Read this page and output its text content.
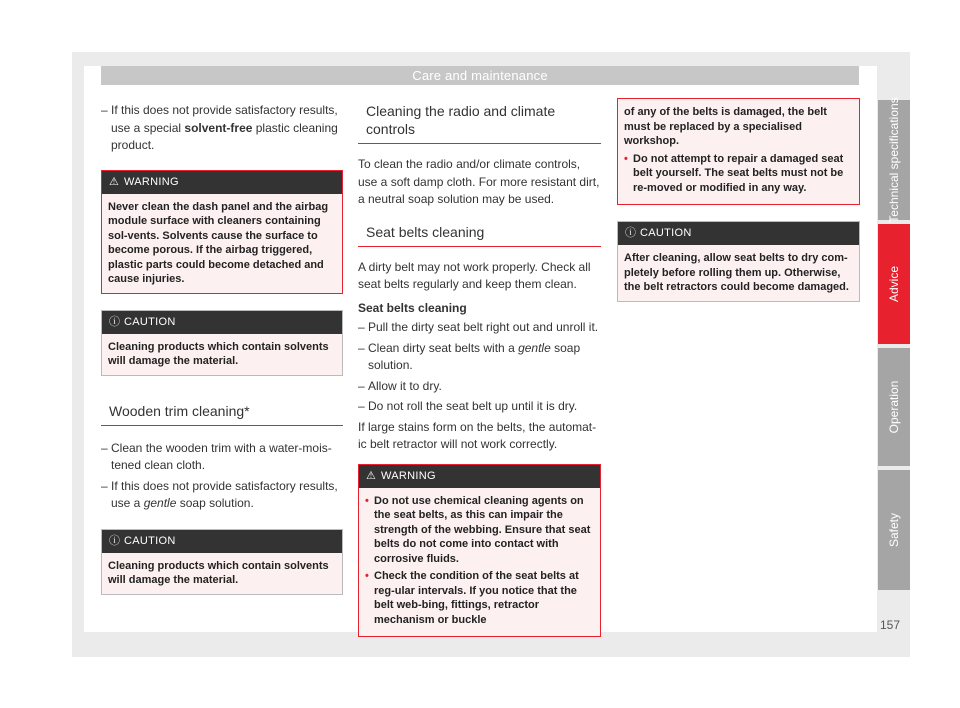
Care and maintenance
– If this does not provide satisfactory results, use a special solvent-free plastic cleaning product.
⚠ WARNING
Never clean the dash panel and the airbag module surface with cleaners containing sol-vents. Solvents cause the surface to become porous. If the airbag triggered, plastic parts could become detached and cause injuries.
ⓘ CAUTION
Cleaning products which contain solvents will damage the material.
Wooden trim cleaning*
– Clean the wooden trim with a water-mois-tened clean cloth.
– If this does not provide satisfactory results, use a gentle soap solution.
ⓘ CAUTION
Cleaning products which contain solvents will damage the material.
Cleaning the radio and climate controls

To clean the radio and/or climate controls, use a soft damp cloth. For more resistant dirt, a neutral soap solution may be used.

Seat belts cleaning

A dirty belt may not work properly. Check all seat belts regularly and keep them clean.

Seat belts cleaning

– Pull the dirty seat belt right out and unroll it.
– Clean dirty seat belts with a gentle soap solution.
– Allow it to dry.
– Do not roll the seat belt up until it is dry.

If large stains form on the belts, the automat-ic belt retractor will not work correctly.

⚠ WARNING
• Do not use chemical cleaning agents on the seat belts, as this can impair the strength of the webbing. Ensure that seat belts do not come into contact with corrosive fluids.
• Check the condition of the seat belts at reg-ular intervals. If you notice that the belt web-bing, fittings, retractor mechanism or buckle
of any of the belts is damaged, the belt must be replaced by a specialised workshop.
• Do not attempt to repair a damaged seat belt yourself. The seat belts must not be re-moved or modified in any way.
ⓘ CAUTION
After cleaning, allow seat belts to dry com-pletely before rolling them up. Otherwise, the belt retractors could become damaged.
Technical specifications
Advice
Operation
Safety
157
